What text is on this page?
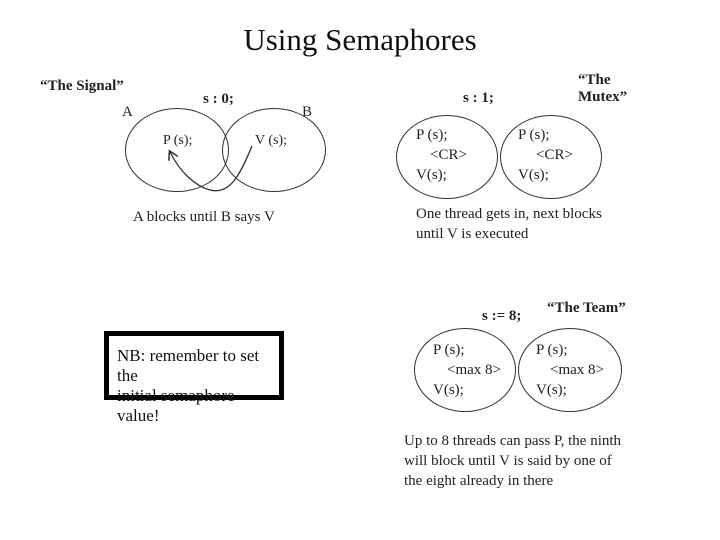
Using Semaphores
“The Signal”
s : 0;
A	B
P (s);	V (s);
A blocks until B says V
“The
Mutex”
s : 1;
P (s);
<CR>
V(s);
P (s);
<CR>
V(s);
One thread gets in, next blocks
until V is executed
“The Team”
s := 8;
P (s);
<max 8>
V(s);
P (s);
<max 8>
V(s);
Up to 8 threads can pass P, the ninth
will block until V is said by one of
the eight already in there
NB: remember to set the
initial semaphore value!
